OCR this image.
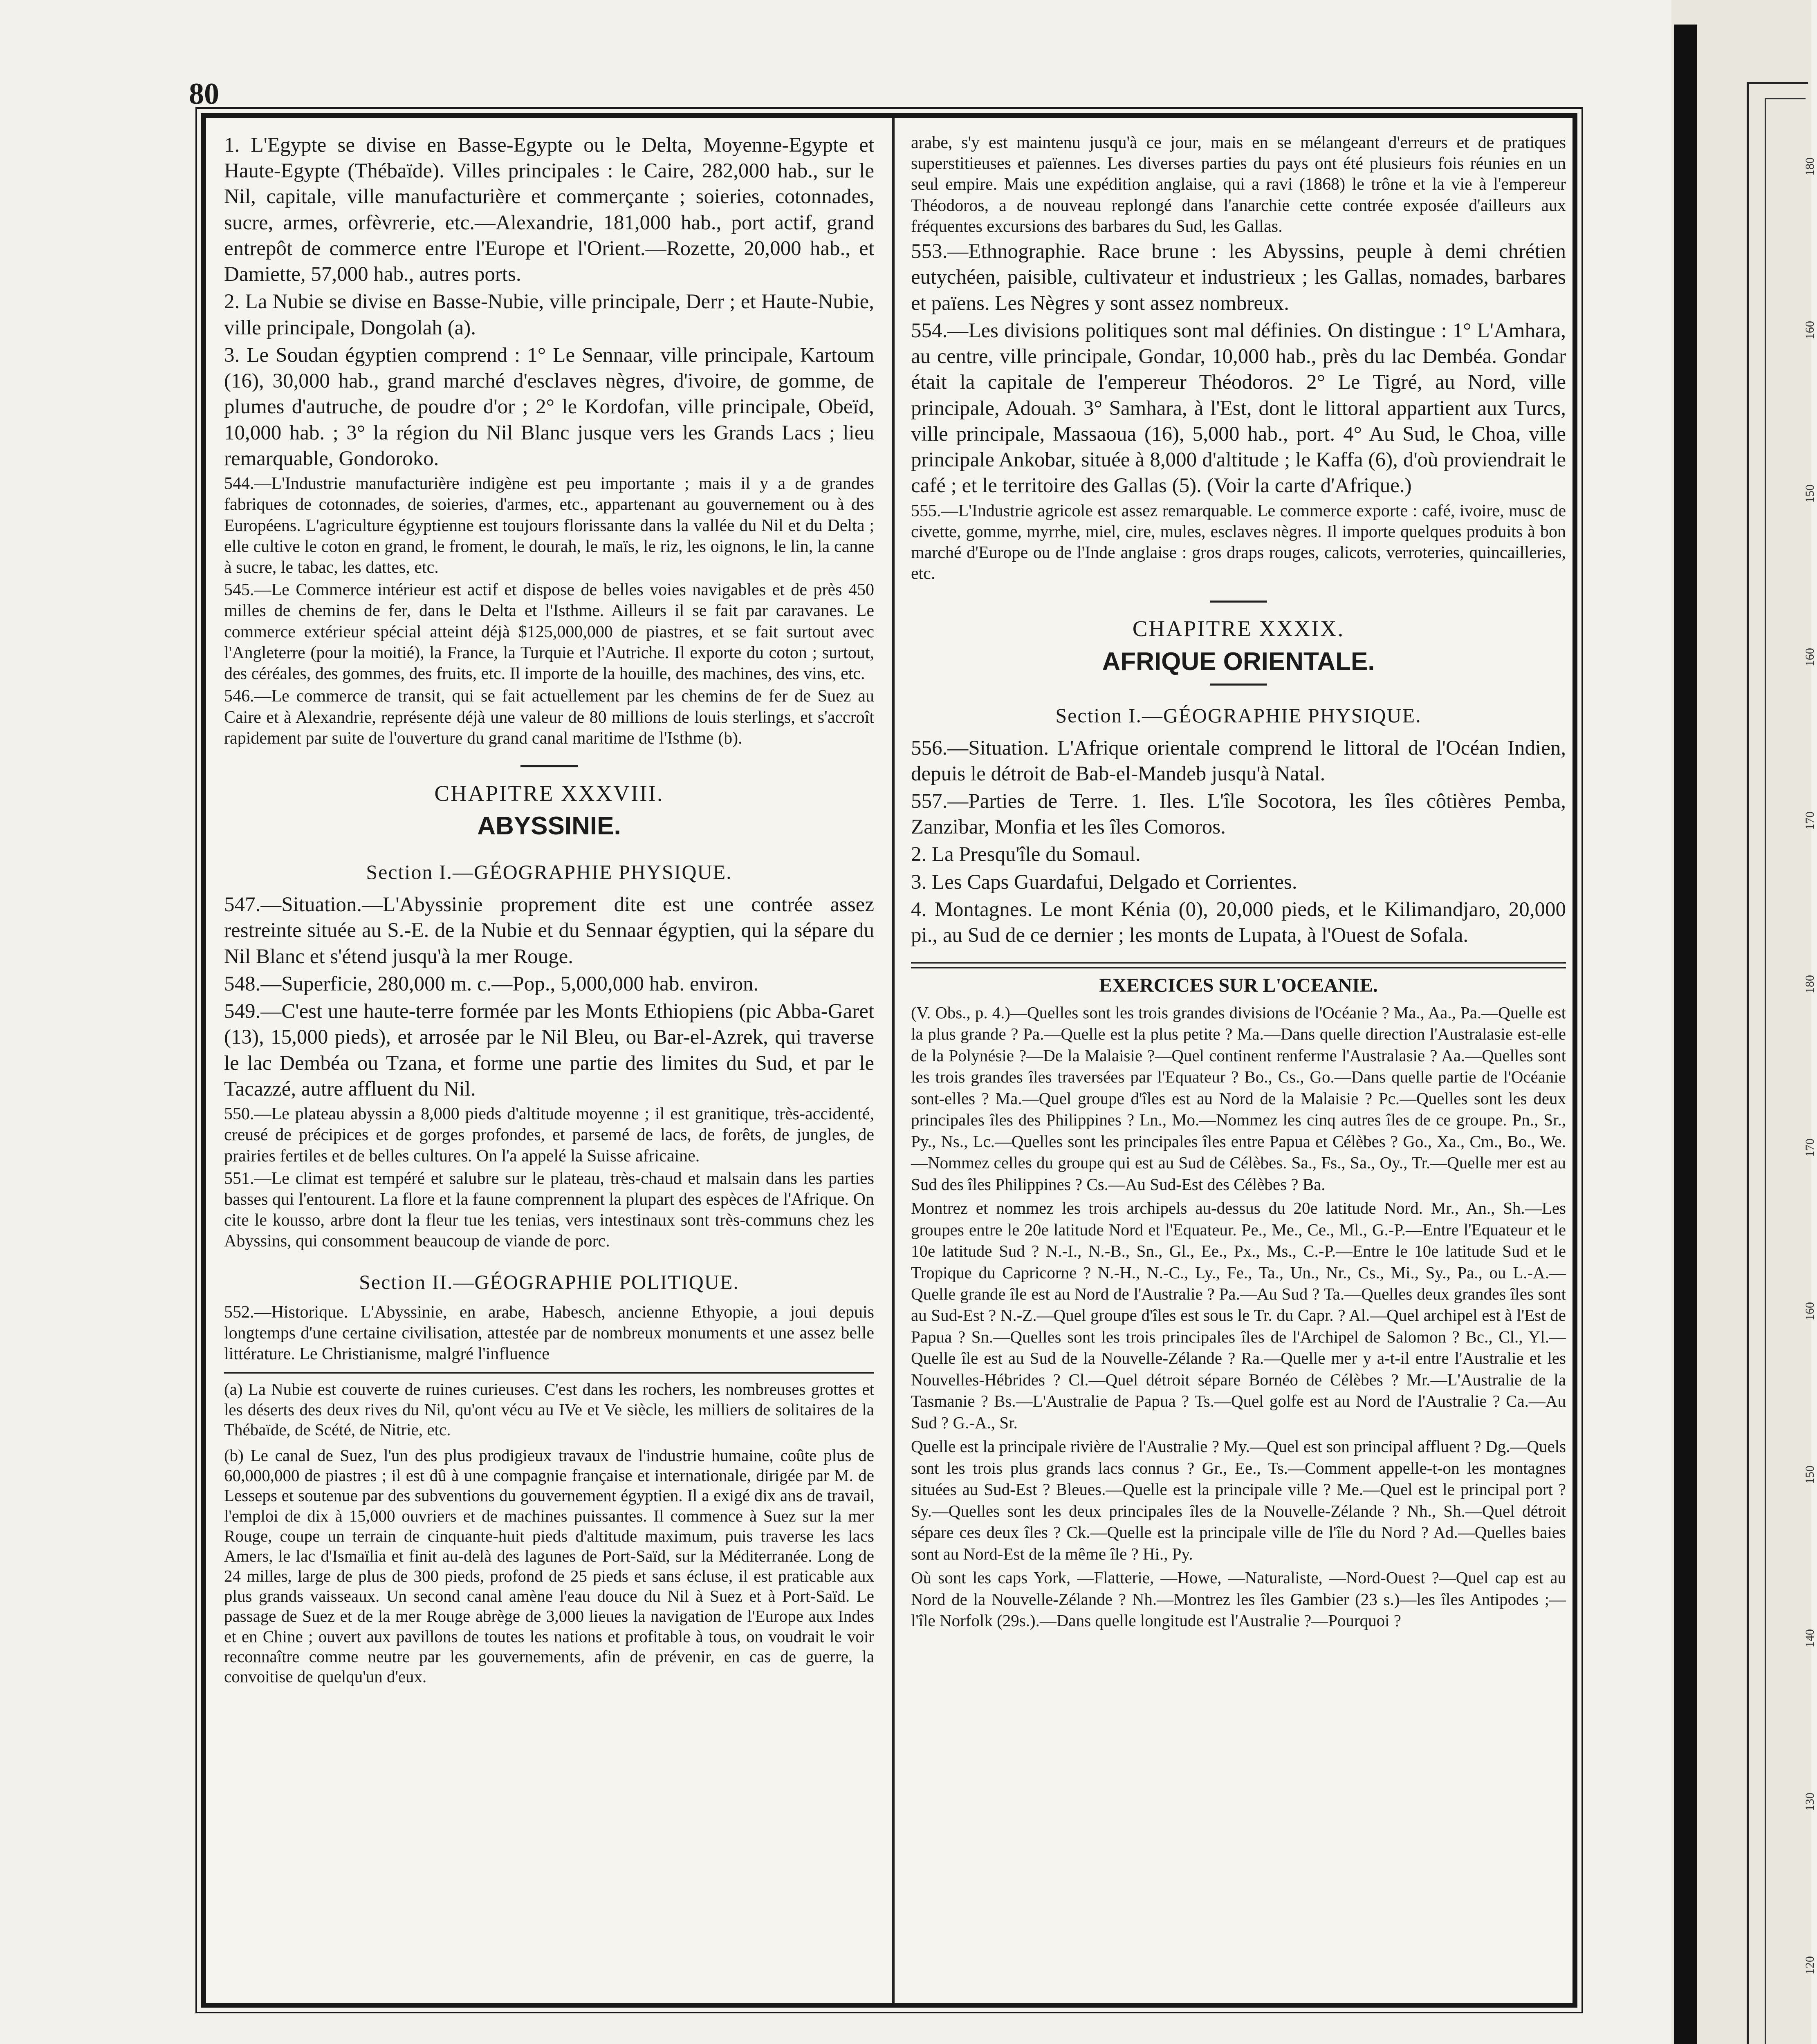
80

1. L'Egypte se divise en Basse-Egypte ou le Delta, Moyenne-Egypte et Haute-Egypte (Thébaïde). Villes principales : le Caire, 282,000 hab., sur le Nil, capitale, ville manufacturière et commerçante ; soieries, cotonnades, sucre, armes, orfèvrerie, etc.—Alexandrie, 181,000 hab., port actif, grand entrepôt de commerce entre l'Europe et l'Orient.—Rozette, 20,000 hab., et Damiette, 57,000 hab., autres ports.

2. La Nubie se divise en Basse-Nubie, ville principale, Derr ; et Haute-Nubie, ville principale, Dongolah (a).

3. Le Soudan égyptien comprend : 1° Le Sennaar, ville principale, Kartoum (16), 30,000 hab., grand marché d'esclaves nègres, d'ivoire, de gomme, de plumes d'autruche, de poudre d'or ; 2° le Kordofan, ville principale, Obeïd, 10,000 hab. ; 3° la région du Nil Blanc jusque vers les Grands Lacs ; lieu remarquable, Gondoroko.

544.—L'Industrie manufacturière indigène est peu importante ; mais il y a de grandes fabriques de cotonnades, de soieries, d'armes, etc., appartenant au gouvernement ou à des Européens. L'agriculture égyptienne est toujours florissante dans la vallée du Nil et du Delta ; elle cultive le coton en grand, le froment, le dourah, le maïs, le riz, les oignons, le lin, la canne à sucre, le tabac, les dattes, etc.

545.—Le Commerce intérieur est actif et dispose de belles voies navigables et de près 450 milles de chemins de fer, dans le Delta et l'Isthme. Ailleurs il se fait par caravanes. Le commerce extérieur spécial atteint déjà $125,000,000 de piastres, et se fait surtout avec l'Angleterre (pour la moitié), la France, la Turquie et l'Autriche. Il exporte du coton ; surtout, des céréales, des gommes, des fruits, etc. Il importe de la houille, des machines, des vins, etc.

546.—Le commerce de transit, qui se fait actuellement par les chemins de fer de Suez au Caire et à Alexandrie, représente déjà une valeur de 80 millions de louis sterlings, et s'accroît rapidement par suite de l'ouverture du grand canal maritime de l'Isthme (b).

CHAPITRE XXXVIII.
ABYSSINIE.
Section I.—GÉOGRAPHIE PHYSIQUE.

547.—Situation.—L'Abyssinie proprement dite est une contrée assez restreinte située au S.-E. de la Nubie et du Sennaar égyptien, qui la sépare du Nil Blanc et s'étend jusqu'à la mer Rouge.

548.—Superficie, 280,000 m. c.—Pop., 5,000,000 hab. environ.

549.—C'est une haute-terre formée par les Monts Ethiopiens (pic Abba-Garet (13), 15,000 pieds), et arrosée par le Nil Bleu, ou Bar-el-Azrek, qui traverse le lac Dembéa ou Tzana, et forme une partie des limites du Sud, et par le Tacazzé, autre affluent du Nil.

550.—Le plateau abyssin a 8,000 pieds d'altitude moyenne ; il est granitique, très-accidenté, creusé de précipices et de gorges profondes, et parsemé de lacs, de forêts, de jungles, de prairies fertiles et de belles cultures. On l'a appelé la Suisse africaine.

551.—Le climat est tempéré et salubre sur le plateau, très-chaud et malsain dans les parties basses qui l'entourent. La flore et la faune comprennent la plupart des espèces de l'Afrique. On cite le kousso, arbre dont la fleur tue les tenias, vers intestinaux sont très-communs chez les Abyssins, qui consomment beaucoup de viande de porc.

Section II.—GÉOGRAPHIE POLITIQUE.

552.—Historique. L'Abyssinie, en arabe, Habesch, ancienne Ethyopie, a joui depuis longtemps d'une certaine civilisation, attestée par de nombreux monuments et une assez belle littérature. Le Christianisme, malgré l'influence

(a) La Nubie est couverte de ruines curieuses. C'est dans les rochers, les nombreuses grottes et les déserts des deux rives du Nil, qu'ont vécu au IVe et Ve siècle, les milliers de solitaires de la Thébaïde, de Scété, de Nitrie, etc.

(b) Le canal de Suez, l'un des plus prodigieux travaux de l'industrie humaine, coûte plus de 60,000,000 de piastres ; il est dû à une compagnie française et internationale, dirigée par M. de Lesseps et soutenue par des subventions du gouvernement égyptien. Il a exigé dix ans de travail, l'emploi de dix à 15,000 ouvriers et de machines puissantes. Il commence à Suez sur la mer Rouge, coupe un terrain de cinquante-huit pieds d'altitude maximum, puis traverse les lacs Amers, le lac d'Ismaïlia et finit au-delà des lagunes de Port-Saïd, sur la Méditerranée. Long de 24 milles, large de plus de 300 pieds, profond de 25 pieds et sans écluse, il est praticable aux plus grands vaisseaux. Un second canal amène l'eau douce du Nil à Suez et à Port-Saïd. Le passage de Suez et de la mer Rouge abrège de 3,000 lieues la navigation de l'Europe aux Indes et en Chine ; ouvert aux pavillons de toutes les nations et profitable à tous, on voudrait le voir reconnaître comme neutre par les gouvernements, afin de prévenir, en cas de guerre, la convoitise de quelqu'un d'eux.

arabe, s'y est maintenu jusqu'à ce jour, mais en se mélangeant d'erreurs et de pratiques superstitieuses et païennes. Les diverses parties du pays ont été plusieurs fois réunies en un seul empire. Mais une expédition anglaise, qui a ravi (1868) le trône et la vie à l'empereur Théodoros, a de nouveau replongé dans l'anarchie cette contrée exposée d'ailleurs aux fréquentes excursions des barbares du Sud, les Gallas.

553.—Ethnographie. Race brune : les Abyssins, peuple à demi chrétien eutychéen, paisible, cultivateur et industrieux ; les Gallas, nomades, barbares et païens. Les Nègres y sont assez nombreux.

554.—Les divisions politiques sont mal définies. On distingue : 1° L'Amhara, au centre, ville principale, Gondar, 10,000 hab., près du lac Dembéa. Gondar était la capitale de l'empereur Théodoros. 2° Le Tigré, au Nord, ville principale, Adouah. 3° Samhara, à l'Est, dont le littoral appartient aux Turcs, ville principale, Massaoua (16), 5,000 hab., port. 4° Au Sud, le Choa, ville principale Ankobar, située à 8,000 d'altitude ; le Kaffa (6), d'où proviendrait le café ; et le territoire des Gallas (5). (Voir la carte d'Afrique.)

555.—L'Industrie agricole est assez remarquable. Le commerce exporte : café, ivoire, musc de civette, gomme, myrrhe, miel, cire, mules, esclaves nègres. Il importe quelques produits à bon marché d'Europe ou de l'Inde anglaise : gros draps rouges, calicots, verroteries, quincailleries, etc.

CHAPITRE XXXIX.
AFRIQUE ORIENTALE.
Section I.—GÉOGRAPHIE PHYSIQUE.

556.—Situation. L'Afrique orientale comprend le littoral de l'Océan Indien, depuis le détroit de Bab-el-Mandeb jusqu'à Natal.

557.—Parties de Terre. 1. Iles. L'île Socotora, les îles côtières Pemba, Zanzibar, Monfia et les îles Comoros.

2. La Presqu'île du Somaul.

3. Les Caps Guardafui, Delgado et Corrientes.

4. Montagnes. Le mont Kénia (0), 20,000 pieds, et le Kilimandjaro, 20,000 pi., au Sud de ce dernier ; les monts de Lupata, à l'Ouest de Sofala.

EXERCICES SUR L'OCEANIE.

(V. Obs., p. 4.)—Quelles sont les trois grandes divisions de l'Océanie ? Ma., Aa., Pa.—Quelle est la plus grande ? Pa.—Quelle est la plus petite ? Ma.—Dans quelle direction l'Australasie est-elle de la Polynésie ?—De la Malaisie ?—Quel continent renferme l'Australasie ? Aa.—Quelles sont les trois grandes îles traversées par l'Equateur ? Bo., Cs., Go.—Dans quelle partie de l'Océanie sont-elles ? Ma.—Quel groupe d'îles est au Nord de la Malaisie ? Pc.—Quelles sont les deux principales îles des Philippines ? Ln., Mo.—Nommez les cinq autres îles de ce groupe. Pn., Sr., Py., Ns., Lc.—Quelles sont les principales îles entre Papua et Célèbes ? Go., Xa., Cm., Bo., We.—Nommez celles du groupe qui est au Sud de Célèbes. Sa., Fs., Sa., Oy., Tr.—Quelle mer est au Sud des îles Philippines ? Cs.—Au Sud-Est des Célèbes ? Ba.

Montrez et nommez les trois archipels au-dessus du 20e latitude Nord. Mr., An., Sh.—Les groupes entre le 20e latitude Nord et l'Equateur. Pe., Me., Ce., Ml., G.-P.—Entre l'Equateur et le 10e latitude Sud ? N.-I., N.-B., Sn., Gl., Ee., Px., Ms., C.-P.—Entre le 10e latitude Sud et le Tropique du Capricorne ? N.-H., N.-C., Ly., Fe., Ta., Un., Nr., Cs., Mi., Sy., Pa., ou L.-A.—Quelle grande île est au Nord de l'Australie ? Pa.—Au Sud ? Ta.—Quelles deux grandes îles sont au Sud-Est ? N.-Z.—Quel groupe d'îles est sous le Tr. du Capr. ? Al.—Quel archipel est à l'Est de Papua ? Sn.—Quelles sont les trois principales îles de l'Archipel de Salomon ? Bc., Cl., Yl.—Quelle île est au Sud de la Nouvelle-Zélande ? Ra.—Quelle mer y a-t-il entre l'Australie et les Nouvelles-Hébrides ? Cl.—Quel détroit sépare Bornéo de Célèbes ? Mr.—L'Australie de la Tasmanie ? Bs.—L'Australie de Papua ? Ts.—Quel golfe est au Nord de l'Australie ? Ca.—Au Sud ? G.-A., Sr.

Quelle est la principale rivière de l'Australie ? My.—Quel est son principal affluent ? Dg.—Quels sont les trois plus grands lacs connus ? Gr., Ee., Ts.—Comment appelle-t-on les montagnes situées au Sud-Est ? Bleues.—Quelle est la principale ville ? Me.—Quel est le principal port ? Sy.—Quelles sont les deux principales îles de la Nouvelle-Zélande ? Nh., Sh.—Quel détroit sépare ces deux îles ? Ck.—Quelle est la principale ville de l'île du Nord ? Ad.—Quelles baies sont au Nord-Est de la même île ? Hi., Py.

Où sont les caps York, —Flatterie, —Howe, —Naturaliste, —Nord-Ouest ?—Quel cap est au Nord de la Nouvelle-Zélande ? Nh.—Montrez les îles Gambier (23 s.)—les îles Antipodes ;—l'île Norfolk (29s.).—Dans quelle longitude est l'Australie ?—Pourquoi ?

180
160
150
160
170
180
170
160
150
140
130
120
